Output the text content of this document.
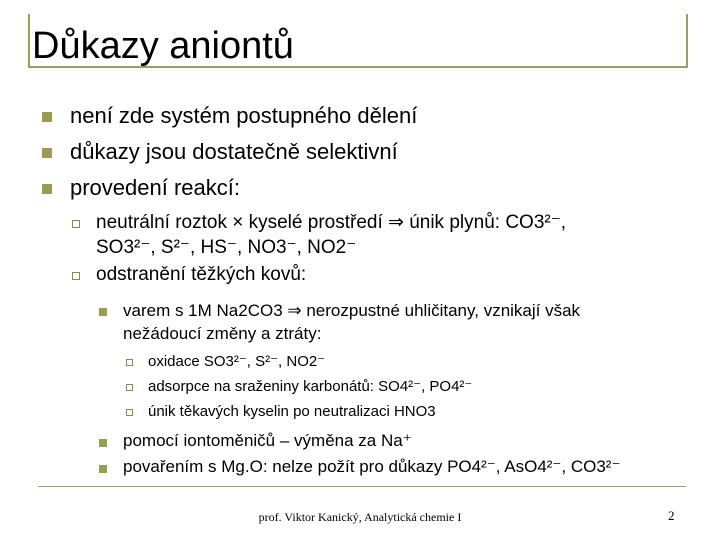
Důkazy aniontů
není zde systém postupného dělení
důkazy jsou dostatečně selektivní
provedení reakcí:
neutrální roztok × kyselé prostředí ⇒ únik plynů: CO3²⁻,
SO3²⁻, S²⁻, HS⁻, NO3⁻, NO2⁻
odstranění těžkých kovů:
varem s 1M Na2CO3 ⇒ nerozpustné uhličitany, vznikají však
nežádoucí změny a ztráty:
oxidace SO3²⁻, S²⁻, NO2⁻
adsorpce na sraženiny karbonátů: SO4²⁻, PO4²⁻
únik těkavých kyselin po neutralizaci HNO3
pomocí iontoměničů – výměna za Na⁺
povařením s Mg.O: nelze požít pro důkazy PO4²⁻, AsO4²⁻, CO3²⁻
prof. Viktor Kanický, Analytická chemie I	2
